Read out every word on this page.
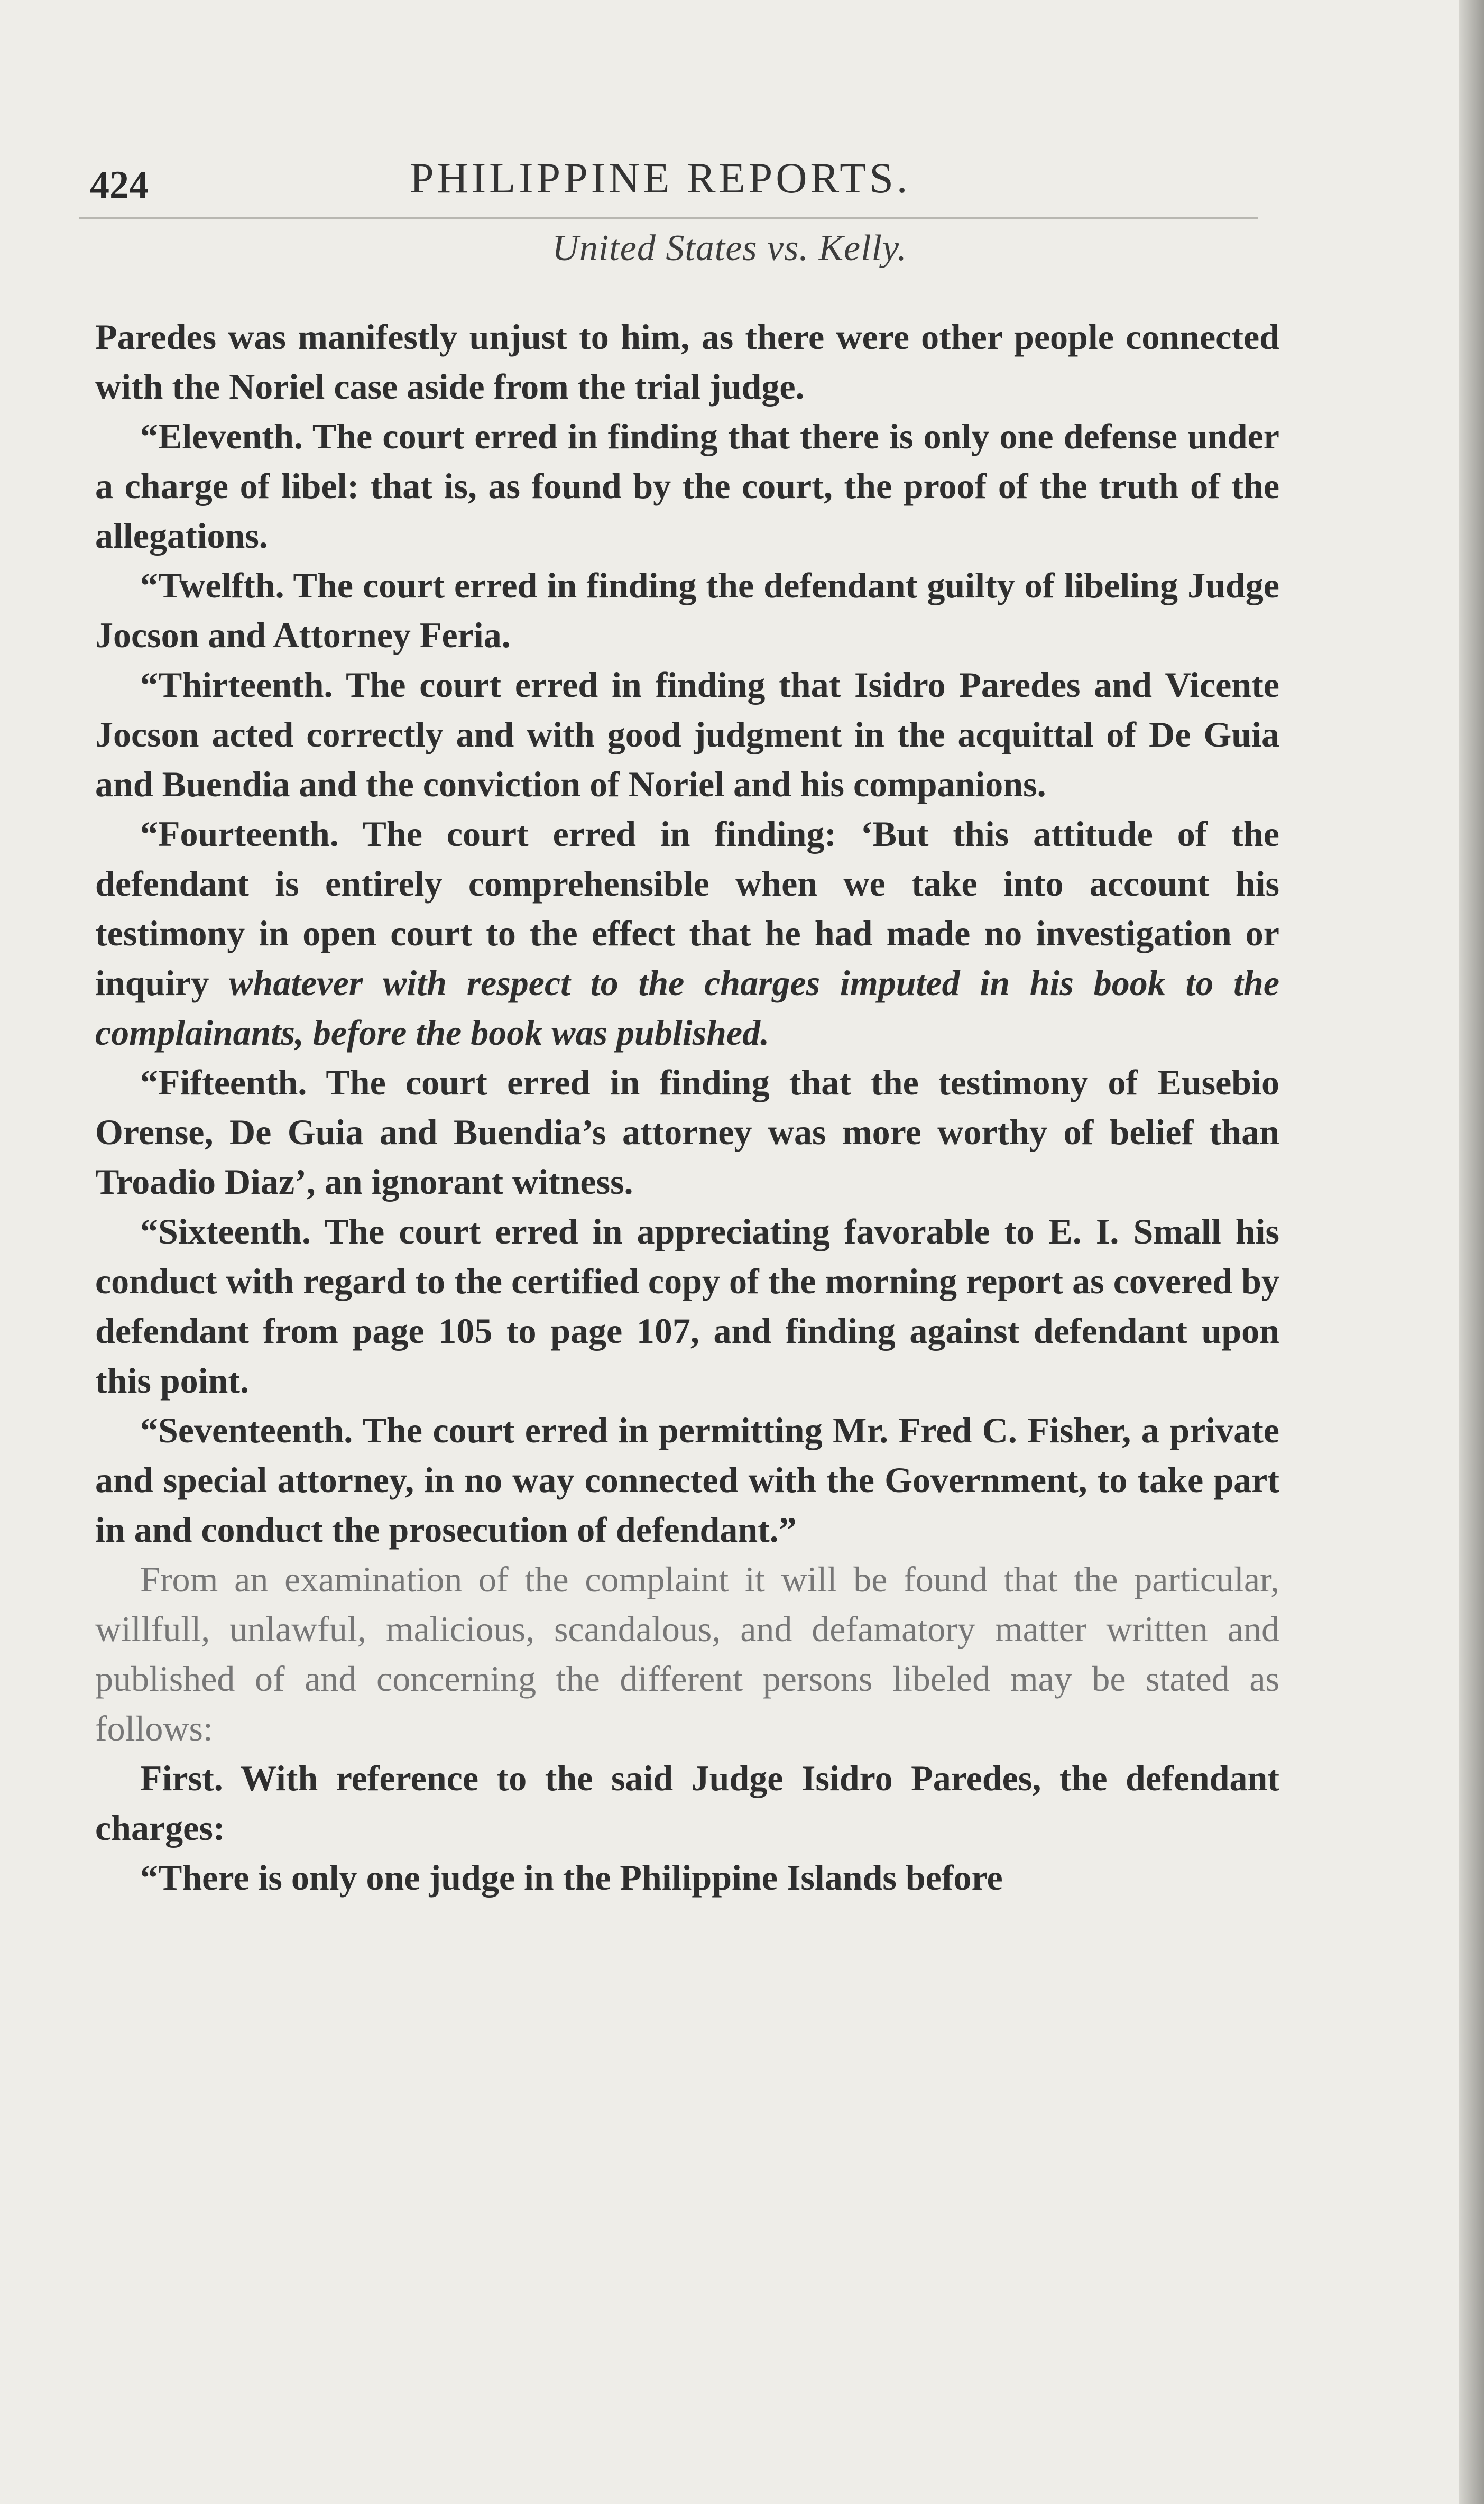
424	PHILIPPINE REPORTS.
United States vs. Kelly.

Paredes was manifestly unjust to him, as there were other people connected with the Noriel case aside from the trial judge.

“Eleventh. The court erred in finding that there is only one defense under a charge of libel: that is, as found by the court, the proof of the truth of the allegations.

“Twelfth. The court erred in finding the defendant guilty of libeling Judge Jocson and Attorney Feria.

“Thirteenth. The court erred in finding that Isidro Paredes and Vicente Jocson acted correctly and with good judgment in the acquittal of De Guia and Buendia and the conviction of Noriel and his companions.

“Fourteenth. The court erred in finding: ‘But this attitude of the defendant is entirely comprehensible when we take into account his testimony in open court to the effect that he had made no investigation or inquiry whatever with respect to the charges imputed in his book to the complainants, before the book was published.

“Fifteenth. The court erred in finding that the testimony of Eusebio Orense, De Guia and Buendia’s attorney was more worthy of belief than Troadio Diaz’, an ignorant witness.

“Sixteenth. The court erred in appreciating favorable to E. I. Small his conduct with regard to the certified copy of the morning report as covered by defendant from page 105 to page 107, and finding against defendant upon this point.

“Seventeenth. The court erred in permitting Mr. Fred C. Fisher, a private and special attorney, in no way connected with the Government, to take part in and conduct the prosecution of defendant.”

From an examination of the complaint it will be found that the particular, willfull, unlawful, malicious, scandalous, and defamatory matter written and published of and concerning the different persons libeled may be stated as follows:

First. With reference to the said Judge Isidro Paredes, the defendant charges:

“There is only one judge in the Philippine Islands before
